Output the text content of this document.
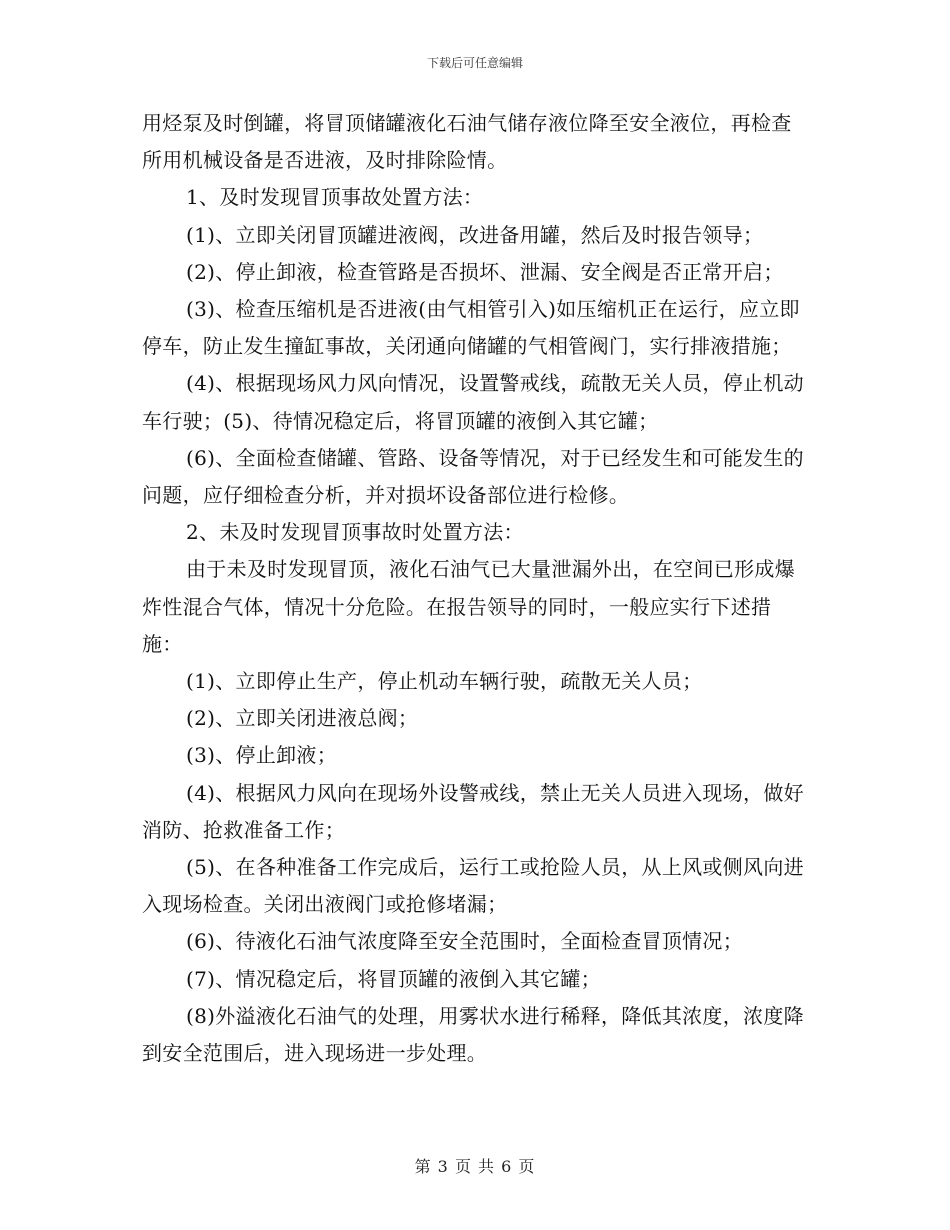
下载后可任意编辑

用烃泵及时倒罐，将冒顶储罐液化石油气储存液位降至安全液位，再检查所用机械设备是否进液，及时排除险情。

1、及时发现冒顶事故处置方法：

(1)、立即关闭冒顶罐进液阀，改进备用罐，然后及时报告领导；

(2)、停止卸液，检查管路是否损坏、泄漏、安全阀是否正常开启；

(3)、检查压缩机是否进液(由气相管引入)如压缩机正在运行，应立即停车，防止发生撞缸事故，关闭通向储罐的气相管阀门，实行排液措施；

(4)、根据现场风力风向情况，设置警戒线，疏散无关人员，停止机动车行驶；(5)、待情况稳定后，将冒顶罐的液倒入其它罐；

(6)、全面检查储罐、管路、设备等情况，对于已经发生和可能发生的问题，应仔细检查分析，并对损坏设备部位进行检修。

2、未及时发现冒顶事故时处置方法：

由于未及时发现冒顶，液化石油气已大量泄漏外出，在空间已形成爆炸性混合气体，情况十分危险。在报告领导的同时，一般应实行下述措施：

(1)、立即停止生产，停止机动车辆行驶，疏散无关人员；

(2)、立即关闭进液总阀；

(3)、停止卸液；

(4)、根据风力风向在现场外设警戒线，禁止无关人员进入现场，做好消防、抢救准备工作；

(5)、在各种准备工作完成后，运行工或抢险人员，从上风或侧风向进入现场检查。关闭出液阀门或抢修堵漏；

(6)、待液化石油气浓度降至安全范围时，全面检查冒顶情况；

(7)、情况稳定后，将冒顶罐的液倒入其它罐；

(8)外溢液化石油气的处理，用雾状水进行稀释，降低其浓度，浓度降到安全范围后，进入现场进一步处理。

第 3 页 共 6 页
